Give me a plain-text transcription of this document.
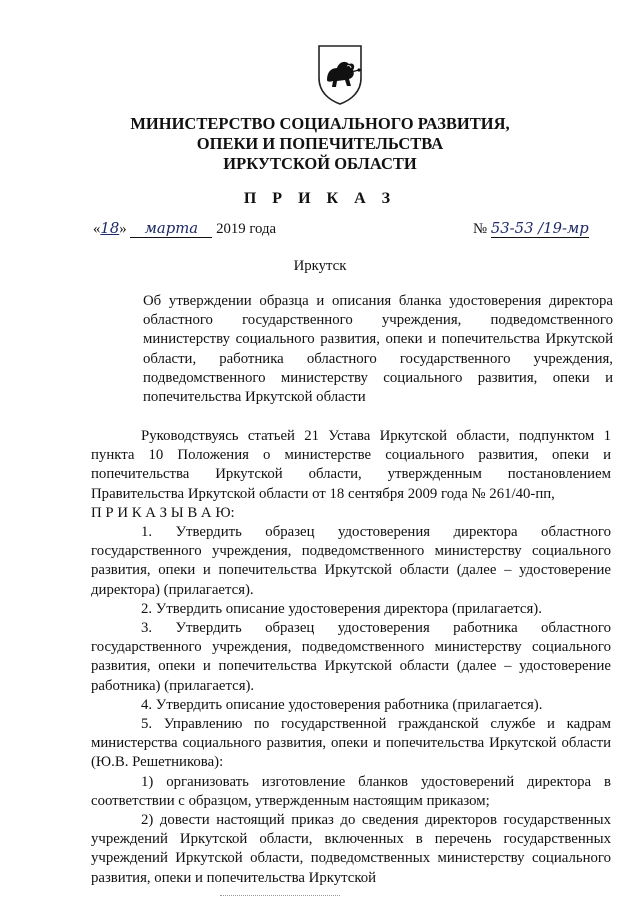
МИНИСТЕРСТВО СОЦИАЛЬНОГО РАЗВИТИЯ,
ОПЕКИ И ПОПЕЧИТЕЛЬСТВА
ИРКУТСКОЙ ОБЛАСТИ
П Р И К А З
«18» марта 2019 года	№ 53-53 /19-мр
Иркутск
Об утверждении образца и описания бланка удостоверения директора областного государственного учреждения, подведомственного министерству социального развития, опеки и попечительства Иркутской области, работника областного государственного учреждения, подведомственного министерству социального развития, опеки и попечительства Иркутской области

Руководствуясь статьей 21 Устава Иркутской области, подпунктом 1 пункта 10 Положения о министерстве социального развития, опеки и попечительства Иркутской области, утвержденным постановлением Правительства Иркутской области от 18 сентября 2009 года № 261/40-пп,

П Р И К А З Ы В А Ю:

1. Утвердить образец удостоверения директора областного государственного учреждения, подведомственного министерству социального развития, опеки и попечительства Иркутской области (далее – удостоверение директора) (прилагается).

2. Утвердить описание удостоверения директора (прилагается).

3. Утвердить образец удостоверения работника областного государственного учреждения, подведомственного министерству социального развития, опеки и попечительства Иркутской области (далее – удостоверение работника) (прилагается).

4. Утвердить описание удостоверения работника (прилагается).

5. Управлению по государственной гражданской службе и кадрам министерства социального развития, опеки и попечительства Иркутской области (Ю.В. Решетникова):

1) организовать изготовление бланков удостоверений директора в соответствии с образцом, утвержденным настоящим приказом;

2) довести настоящий приказ до сведения директоров государственных учреждений Иркутской области, включенных в перечень государственных учреждений Иркутской области, подведомственных министерству социального развития, опеки и попечительства Иркутской
